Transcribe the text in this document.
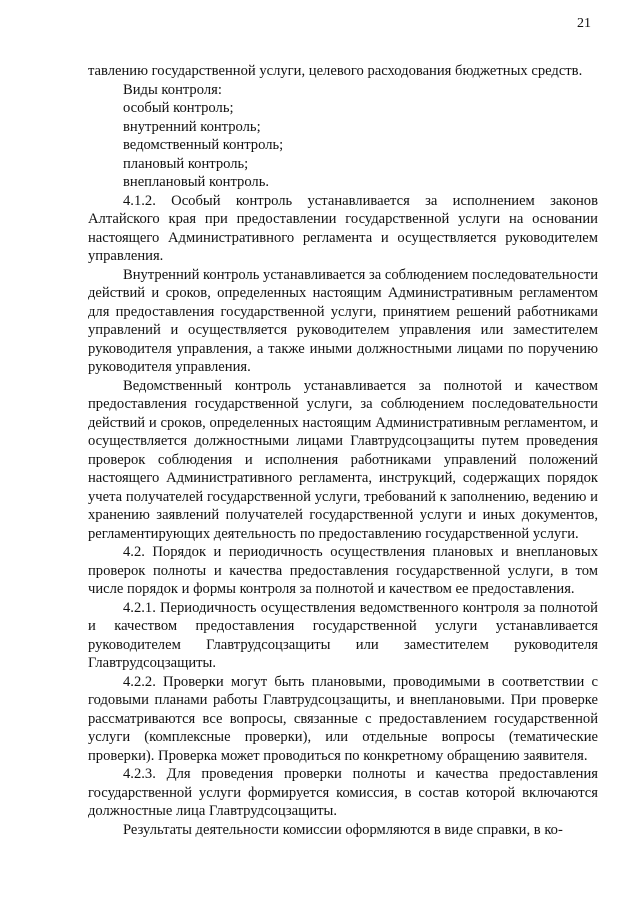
21

тавлению государственной услуги, целевого расходования бюджетных средств.

Виды контроля:

особый контроль;

внутренний контроль;

ведомственный контроль;

плановый контроль;

внеплановый контроль.

4.1.2. Особый контроль устанавливается за исполнением законов Алтайского края при предоставлении государственной услуги на основании настоящего Административного регламента и осуществляется руководителем управления.

Внутренний контроль устанавливается за соблюдением последовательности действий и сроков, определенных настоящим Административным регламентом для предоставления государственной услуги, принятием решений работниками управлений и осуществляется руководителем управления или заместителем руководителя управления, а также иными должностными лицами по поручению руководителя управления.

Ведомственный контроль устанавливается за полнотой и качеством предоставления государственной услуги, за соблюдением последовательности действий и сроков, определенных настоящим Административным регламентом, и осуществляется должностными лицами Главтрудсоцзащиты путем проведения проверок соблюдения и исполнения работниками управлений положений настоящего Административного регламента, инструкций, содержащих порядок учета получателей государственной услуги, требований к заполнению, ведению и хранению заявлений получателей государственной услуги и иных документов, регламентирующих деятельность по предоставлению государственной услуги.

4.2. Порядок и периодичность осуществления плановых и внеплановых проверок полноты и качества предоставления государственной услуги, в том числе порядок и формы контроля за полнотой и качеством ее предоставления.

4.2.1. Периодичность осуществления ведомственного контроля за полнотой и качеством предоставления государственной услуги устанавливается руководителем Главтрудсоцзащиты или заместителем руководителя Главтрудсоцзащиты.

4.2.2. Проверки могут быть плановыми, проводимыми в соответствии с годовыми планами работы Главтрудсоцзащиты, и внеплановыми. При проверке рассматриваются все вопросы, связанные с предоставлением государственной услуги (комплексные проверки), или отдельные вопросы (тематические проверки). Проверка может проводиться по конкретному обращению заявителя.

4.2.3. Для проведения проверки полноты и качества предоставления государственной услуги формируется комиссия, в состав которой включаются должностные лица Главтрудсоцзащиты.

Результаты деятельности комиссии оформляются в виде справки, в ко-
